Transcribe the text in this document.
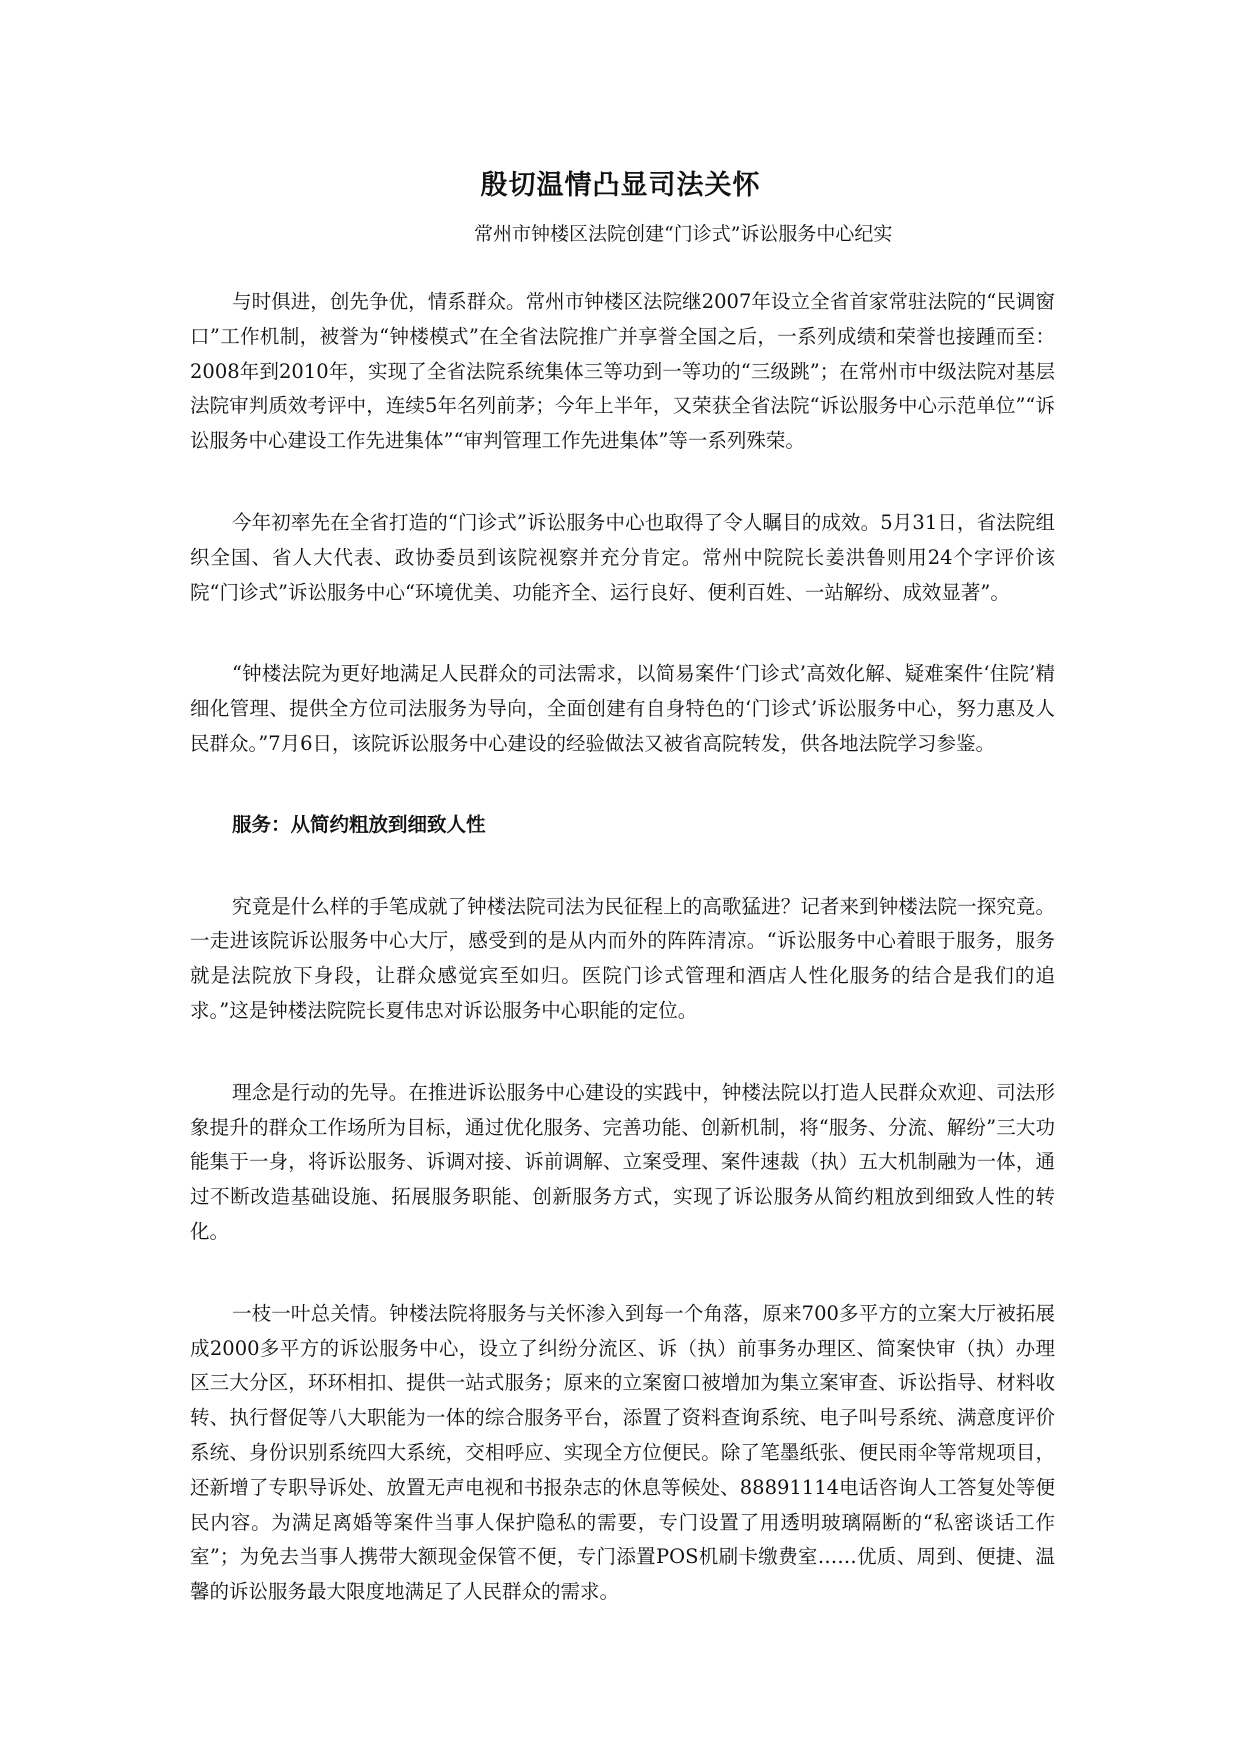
殷切温情凸显司法关怀

常州市钟楼区法院创建“门诊式”诉讼服务中心纪实

与时俱进，创先争优，情系群众。常州市钟楼区法院继2007年设立全省首家常驻法院的“民调窗口”工作机制，被誉为“钟楼模式”在全省法院推广并享誉全国之后，一系列成绩和荣誉也接踵而至：2008年到2010年，实现了全省法院系统集体三等功到一等功的“三级跳”；在常州市中级法院对基层法院审判质效考评中，连续5年名列前茅；今年上半年，又荣获全省法院“诉讼服务中心示范单位”“诉讼服务中心建设工作先进集体”“审判管理工作先进集体”等一系列殊荣。

今年初率先在全省打造的“门诊式”诉讼服务中心也取得了令人瞩目的成效。5月31日，省法院组织全国、省人大代表、政协委员到该院视察并充分肯定。常州中院院长姜洪鲁则用24个字评价该院“门诊式”诉讼服务中心“环境优美、功能齐全、运行良好、便利百姓、一站解纷、成效显著”。

“钟楼法院为更好地满足人民群众的司法需求，以简易案件‘门诊式’高效化解、疑难案件‘住院’精细化管理、提供全方位司法服务为导向，全面创建有自身特色的‘门诊式’诉讼服务中心，努力惠及人民群众。”7月6日，该院诉讼服务中心建设的经验做法又被省高院转发，供各地法院学习参鉴。

服务：从简约粗放到细致人性

究竟是什么样的手笔成就了钟楼法院司法为民征程上的高歌猛进？记者来到钟楼法院一探究竟。一走进该院诉讼服务中心大厅，感受到的是从内而外的阵阵清凉。“诉讼服务中心着眼于服务，服务就是法院放下身段，让群众感觉宾至如归。医院门诊式管理和酒店人性化服务的结合是我们的追求。”这是钟楼法院院长夏伟忠对诉讼服务中心职能的定位。

理念是行动的先导。在推进诉讼服务中心建设的实践中，钟楼法院以打造人民群众欢迎、司法形象提升的群众工作场所为目标，通过优化服务、完善功能、创新机制，将“服务、分流、解纷”三大功能集于一身，将诉讼服务、诉调对接、诉前调解、立案受理、案件速裁（执）五大机制融为一体，通过不断改造基础设施、拓展服务职能、创新服务方式，实现了诉讼服务从简约粗放到细致人性的转化。

一枝一叶总关情。钟楼法院将服务与关怀渗入到每一个角落，原来700多平方的立案大厅被拓展成2000多平方的诉讼服务中心，设立了纠纷分流区、诉（执）前事务办理区、简案快审（执）办理区三大分区，环环相扣、提供一站式服务；原来的立案窗口被增加为集立案审查、诉讼指导、材料收转、执行督促等八大职能为一体的综合服务平台，添置了资料查询系统、电子叫号系统、满意度评价系统、身份识别系统四大系统，交相呼应、实现全方位便民。除了笔墨纸张、便民雨伞等常规项目，还新增了专职导诉处、放置无声电视和书报杂志的休息等候处、88891114电话咨询人工答复处等便民内容。为满足离婚等案件当事人保护隐私的需要，专门设置了用透明玻璃隔断的“私密谈话工作室”；为免去当事人携带大额现金保管不便，专门添置POS机刷卡缴费室……优质、周到、便捷、温馨的诉讼服务最大限度地满足了人民群众的需求。
